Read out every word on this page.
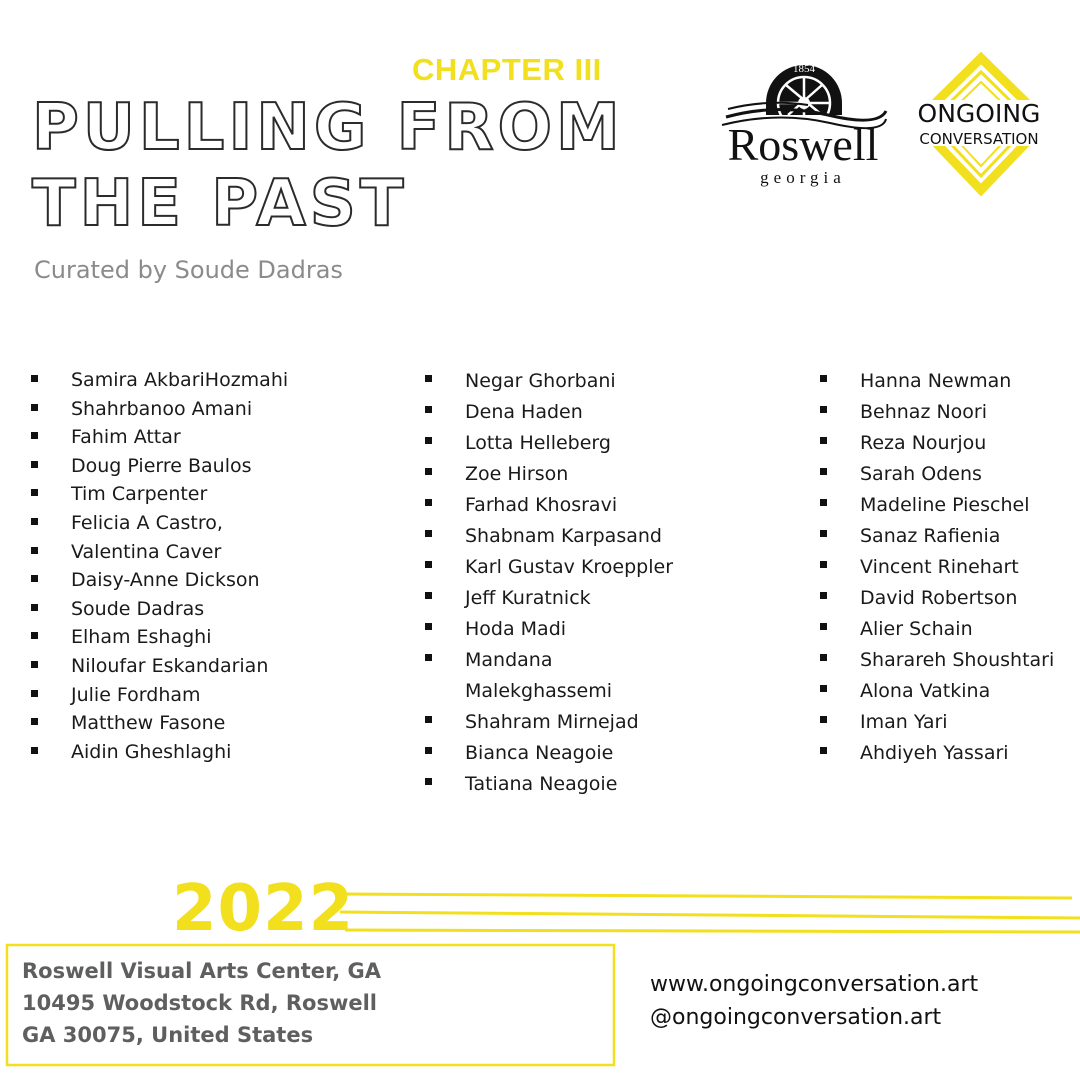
CHAPTER III
PULLING FROM
THE PAST
Curated by Soude Dadras
1854
Roswell
georgia
ONGOING
CONVERSATION
Samira AkbariHozmahi
Shahrbanoo Amani
Fahim Attar
Doug Pierre Baulos
Tim Carpenter
Felicia A Castro,
Valentina Caver
Daisy-Anne Dickson
Soude Dadras
Elham Eshaghi
Niloufar Eskandarian
Julie Fordham
Matthew Fasone
Aidin Gheshlaghi
Negar Ghorbani
Dena Haden
Lotta Helleberg
Zoe Hirson
Farhad Khosravi
Shabnam Karpasand
Karl Gustav Kroeppler
Jeff Kuratnick
Hoda Madi
Mandana Malekghassemi
Shahram Mirnejad
Bianca Neagoie
Tatiana Neagoie
Hanna Newman
Behnaz Noori
Reza Nourjou
Sarah Odens
Madeline Pieschel
Sanaz Rafienia
Vincent Rinehart
David Robertson
Alier Schain
Sharareh Shoushtari
Alona Vatkina
Iman Yari
Ahdiyeh Yassari
2022
Roswell Visual Arts Center, GA
10495 Woodstock Rd, Roswell
GA 30075, United States
www.ongoingconversation.art
@ongoingconversation.art
